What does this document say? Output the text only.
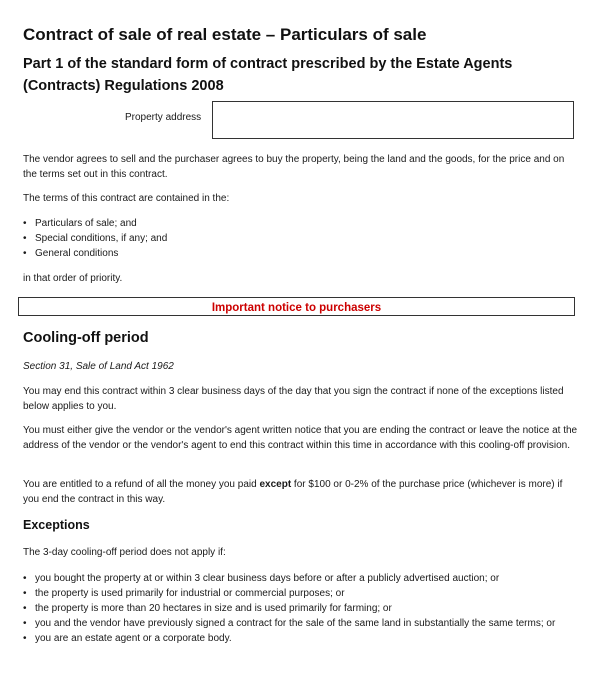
Contract of sale of real estate – Particulars of sale
Part 1 of the standard form of contract prescribed by the Estate Agents (Contracts) Regulations 2008
Property address
The vendor agrees to sell and the purchaser agrees to buy the property, being the land and the goods, for the price and on the terms set out in this contract.
The terms of this contract are contained in the:
• Particulars of sale; and
• Special conditions, if any; and
• General conditions
in that order of priority.
Important notice to purchasers
Cooling-off period
Section 31, Sale of Land Act 1962
You may end this contract within 3 clear business days of the day that you sign the contract if none of the exceptions listed below applies to you.
You must either give the vendor or the vendor's agent written notice that you are ending the contract or leave the notice at the address of the vendor or the vendor's agent to end this contract within this time in accordance with this cooling-off provision.
You are entitled to a refund of all the money you paid except for $100 or 0-2% of the purchase price (whichever is more) if you end the contract in this way.
Exceptions
The 3-day cooling-off period does not apply if:
• you bought the property at or within 3 clear business days before or after a publicly advertised auction; or
• the property is used primarily for industrial or commercial purposes; or
• the property is more than 20 hectares in size and is used primarily for farming; or
• you and the vendor have previously signed a contract for the sale of the same land in substantially the same terms; or
• you are an estate agent or a corporate body.
